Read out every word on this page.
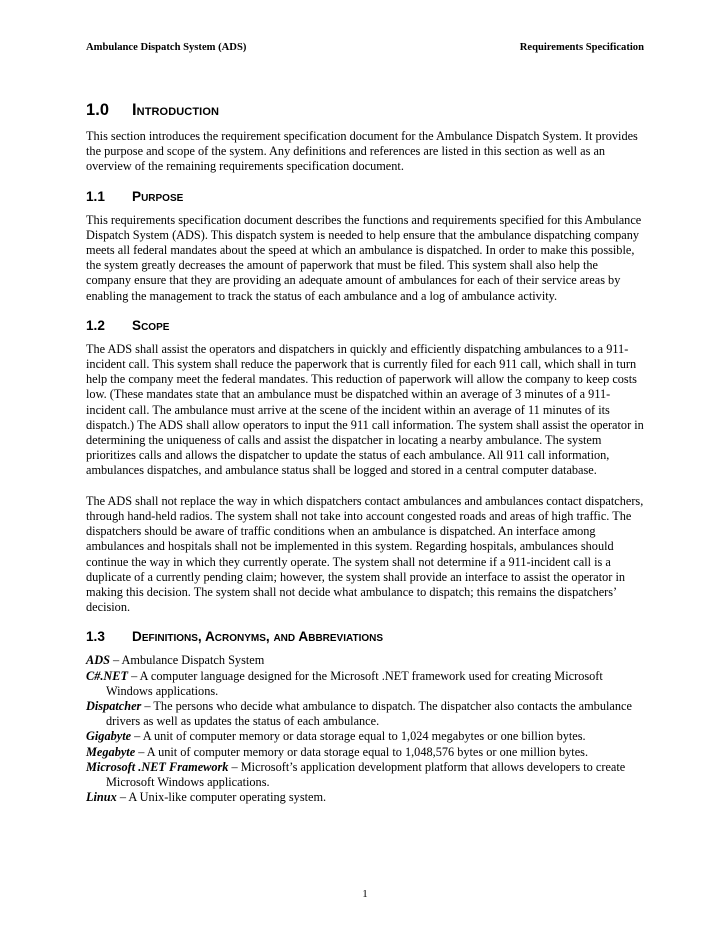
Ambulance Dispatch System (ADS)	Requirements Specification
1.0 Introduction

This section introduces the requirement specification document for the Ambulance Dispatch System. It provides the purpose and scope of the system. Any definitions and references are listed in this section as well as an overview of the remaining requirements specification document.

1.1 Purpose

This requirements specification document describes the functions and requirements specified for this Ambulance Dispatch System (ADS). This dispatch system is needed to help ensure that the ambulance dispatching company meets all federal mandates about the speed at which an ambulance is dispatched. In order to make this possible, the system greatly decreases the amount of paperwork that must be filed. This system shall also help the company ensure that they are providing an adequate amount of ambulances for each of their service areas by enabling the management to track the status of each ambulance and a log of ambulance activity.

1.2 Scope

The ADS shall assist the operators and dispatchers in quickly and efficiently dispatching ambulances to a 911-incident call. This system shall reduce the paperwork that is currently filed for each 911 call, which shall in turn help the company meet the federal mandates. This reduction of paperwork will allow the company to keep costs low. (These mandates state that an ambulance must be dispatched within an average of 3 minutes of a 911-incident call. The ambulance must arrive at the scene of the incident within an average of 11 minutes of its dispatch.) The ADS shall allow operators to input the 911 call information. The system shall assist the operator in determining the uniqueness of calls and assist the dispatcher in locating a nearby ambulance. The system prioritizes calls and allows the dispatcher to update the status of each ambulance. All 911 call information, ambulances dispatches, and ambulance status shall be logged and stored in a central computer database.

The ADS shall not replace the way in which dispatchers contact ambulances and ambulances contact dispatchers, through hand-held radios. The system shall not take into account congested roads and areas of high traffic. The dispatchers should be aware of traffic conditions when an ambulance is dispatched. An interface among ambulances and hospitals shall not be implemented in this system. Regarding hospitals, ambulances should continue the way in which they currently operate. The system shall not determine if a 911-incident call is a duplicate of a currently pending claim; however, the system shall provide an interface to assist the operator in making this decision. The system shall not decide what ambulance to dispatch; this remains the dispatchers’ decision.

1.3 Definitions, Acronyms, and Abbreviations
ADS – Ambulance Dispatch System
C#.NET – A computer language designed for the Microsoft .NET framework used for creating Microsoft Windows applications.
Dispatcher – The persons who decide what ambulance to dispatch. The dispatcher also contacts the ambulance drivers as well as updates the status of each ambulance.
Gigabyte – A unit of computer memory or data storage equal to 1,024 megabytes or one billion bytes.
Megabyte – A unit of computer memory or data storage equal to 1,048,576 bytes or one million bytes.
Microsoft .NET Framework – Microsoft’s application development platform that allows developers to create Microsoft Windows applications.
Linux – A Unix-like computer operating system.
1
